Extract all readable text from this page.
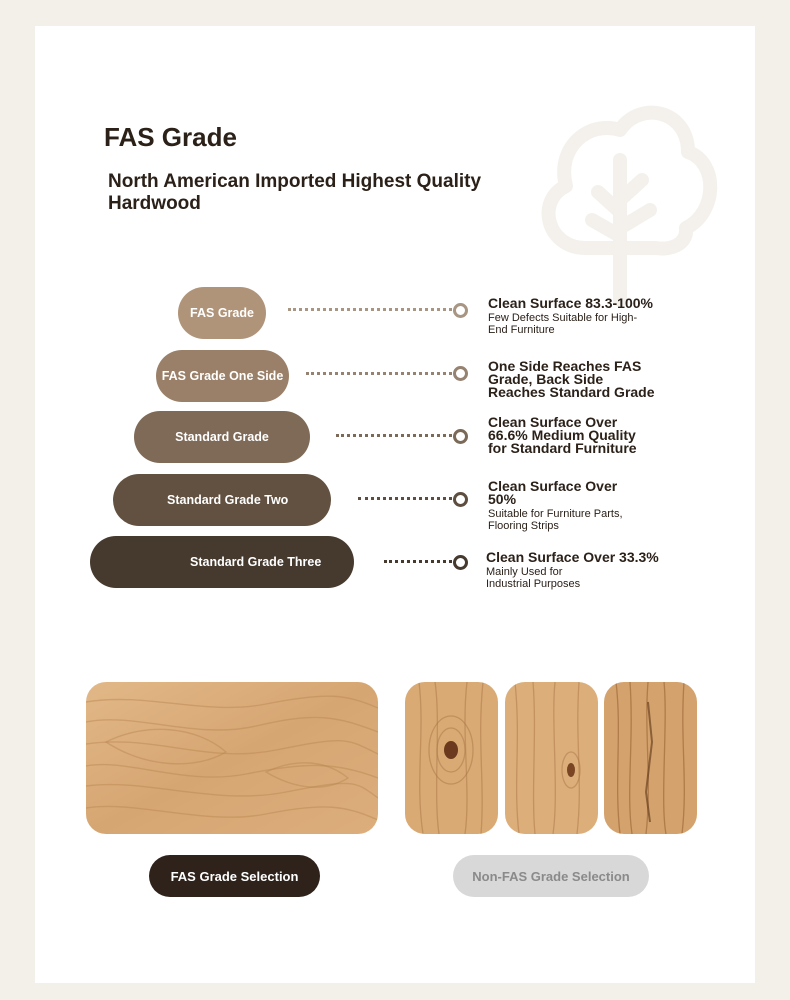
FAS Grade

North American Imported Highest Quality Hardwood

FAS Grade
Clean Surface 83.3-100%
Few Defects Suitable for High-End Furniture
FAS Grade One Side
One Side Reaches FAS Grade, Back Side Reaches Standard Grade
Standard Grade
Clean Surface Over 66.6% Medium Quality for Standard Furniture
Standard Grade Two
Clean Surface Over 50%
Suitable for Furniture Parts, Flooring Strips
Standard Grade Three	Clean Surface Over 33.3%
Mainly Used for Industrial Purposes
FAS Grade Selection	Non-FAS Grade Selection
